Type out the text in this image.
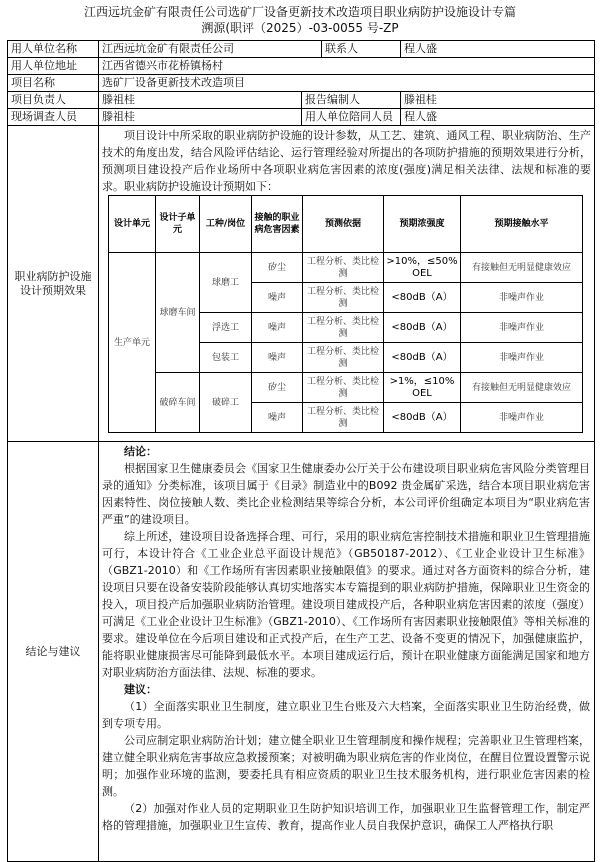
江西远坑金矿有限责任公司选矿厂设备更新技术改造项目职业病防护设施设计专篇
溯源(职评（2025）-03-0055 号-ZP
用人单位名称	江西远坑金矿有限责任公司	联系人	程人盛
用人单位地址	江西省德兴市花桥镇杨村
项目名称	选矿厂设备更新技术改造项目
项目负责人	滕祖桂	报告编制人	滕祖桂
现场调查人员	滕祖桂	用人单位陪同人员	程人盛
职业病防护设施
设计预期效果	

项目设计中所采取的职业病防护设施的设计参数，从工艺、建筑、通风工程、职业病防治、生产技术的角度出发，结合风险评估结论、运行管理经验对所提出的各项防护措施的预期效果进行分析，预测项目建设投产后作业场所中各项职业病危害因素的浓度(强度)满足相关法律、法规和标准的要求。职业病防护设施设计预期如下：

设计单元	设计子单元	工种/岗位	接触的职业病危害因素	预测依据	预期浓强度	预期接触水平
生产单元	球磨车间	球磨工	矽尘	工程分析、类比检测	>10%，≤50% OEL	有接触但无明显健康效应
噪声	工程分析、类比检测	<80dB（A）	非噪声作业
浮选工	噪声	工程分析、类比检测	<80dB（A）	非噪声作业
包装工	噪声	工程分析、类比检测	<80dB（A）	非噪声作业
破碎车间	破碎工	矽尘	工程分析、类比检测	>1%，≤10% OEL	有接触但无明显健康效应
噪声	工程分析、类比检测	<80dB（A）	非噪声作业

结论与建议	

结论：

根据国家卫生健康委员会《国家卫生健康委办公厅关于公布建设项目职业病危害风险分类管理目录的通知》分类标准，该项目属于《目录》制造业中的B092 贵金属矿采选，结合本项目职业病危害因素特性、岗位接触人数、类比企业检测结果等综合分析，本公司评价组确定本项目为“职业病危害严重”的建设项目。

综上所述，建设项目设备选择合理、可行，采用的职业病危害控制技术措施和职业卫生管理措施可行，本设计符合《工业企业总平面设计规范》（GB50187-2012）、《工业企业设计卫生标准》（GBZ1-2010）和《工作场所有害因素职业接触限值》的要求。通过对各方面资料的综合分析，建设项目只要在设备安装阶段能够认真切实地落实本专篇提到的职业病防护措施，保障职业卫生资金的投入，项目投产后加强职业病防治管理。建设项目建成投产后，各种职业病危害因素的浓度（强度）可满足《工业企业设计卫生标准》（GBZ1-2010）、《工作场所有害因素职业接触限值》等相关标准的要求。建设单位在今后项目建设和正式投产后，在生产工艺、设备不变更的情况下，加强健康监护，能将职业健康损害尽可能降到最低水平。本项目建成运行后，预计在职业健康方面能满足国家和地方对职业病防治方面法律、法规、标准的要求。

建议：

（1）全面落实职业卫生制度，建立职业卫生台账及六大档案，全面落实职业卫生防治经费，做到专项专用。

公司应制定职业病防治计划；建立健全职业卫生管理制度和操作规程；完善职业卫生管理档案，建立健全职业病危害事故应急救援预案；对被明确为职业病危害的作业岗位，在醒目位置设置警示说明；加强作业环境的监测，要委托具有相应资质的职业卫生技术服务机构，进行职业危害因素的检测。

（2）加强对作业人员的定期职业卫生防护知识培训工作，加强职业卫生监督管理工作，制定严格的管理措施，加强职业卫生宣传、教育，提高作业人员自我保护意识，确保工人严格执行职
